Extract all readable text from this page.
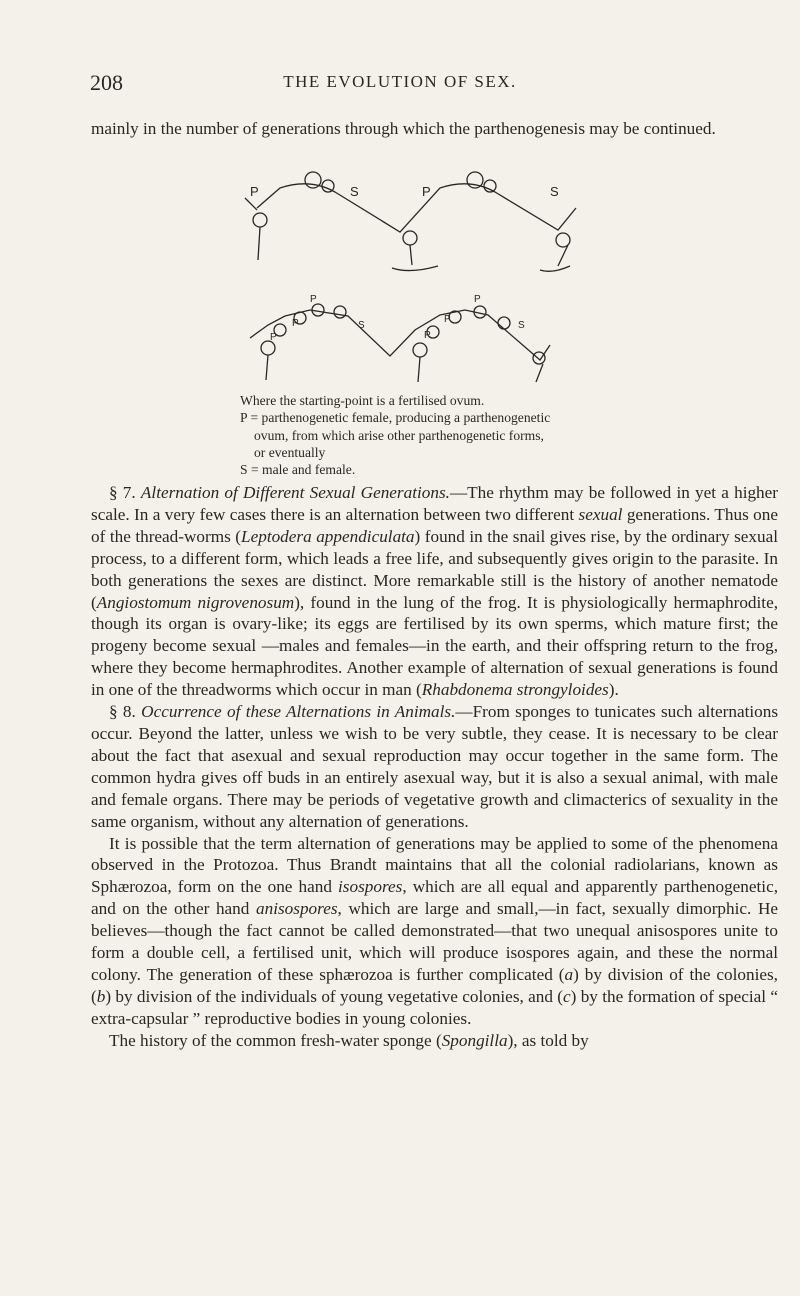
208	THE EVOLUTION OF SEX.

mainly in the number of generations through which the parthenogenesis may be continued.

P	S	P	S
P
P
P
S
P
P
P
S
Where the starting-point is a fertilised ovum.
P = parthenogenetic female, producing a parthenogenetic
ovum, from which arise other parthenogenetic forms,
or eventually
S = male and female.

§ 7. Alternation of Different Sexual Generations.—The rhythm may be followed in yet a higher scale. In a very few cases there is an alternation between two different sexual generations. Thus one of the thread-worms (Leptodera appendiculata) found in the snail gives rise, by the ordinary sexual process, to a different form, which leads a free life, and subsequently gives origin to the parasite. In both generations the sexes are distinct. More remarkable still is the history of another nematode (Angiostomum nigrovenosum), found in the lung of the frog. It is physiologically hermaphrodite, though its organ is ovary-like; its eggs are fertilised by its own sperms, which mature first; the progeny become sexual —males and females—in the earth, and their offspring return to the frog, where they become hermaphrodites. Another example of alternation of sexual generations is found in one of the threadworms which occur in man (Rhabdonema strongyloides).

§ 8. Occurrence of these Alternations in Animals.—From sponges to tunicates such alternations occur. Beyond the latter, unless we wish to be very subtle, they cease. It is necessary to be clear about the fact that asexual and sexual reproduction may occur together in the same form. The common hydra gives off buds in an entirely asexual way, but it is also a sexual animal, with male and female organs. There may be periods of vegetative growth and climacterics of sexuality in the same organism, without any alternation of generations.

It is possible that the term alternation of generations may be applied to some of the phenomena observed in the Protozoa. Thus Brandt maintains that all the colonial radiolarians, known as Sphærozoa, form on the one hand isospores, which are all equal and apparently parthenogenetic, and on the other hand anisospores, which are large and small,—in fact, sexually dimorphic. He believes—though the fact cannot be called demonstrated—that two unequal anisospores unite to form a double cell, a fertilised unit, which will produce isospores again, and these the normal colony. The generation of these sphærozoa is further complicated (a) by division of the colonies, (b) by division of the individuals of young vegetative colonies, and (c) by the formation of special “ extra-capsular ” reproductive bodies in young colonies.

The history of the common fresh-water sponge (Spongilla), as told by
